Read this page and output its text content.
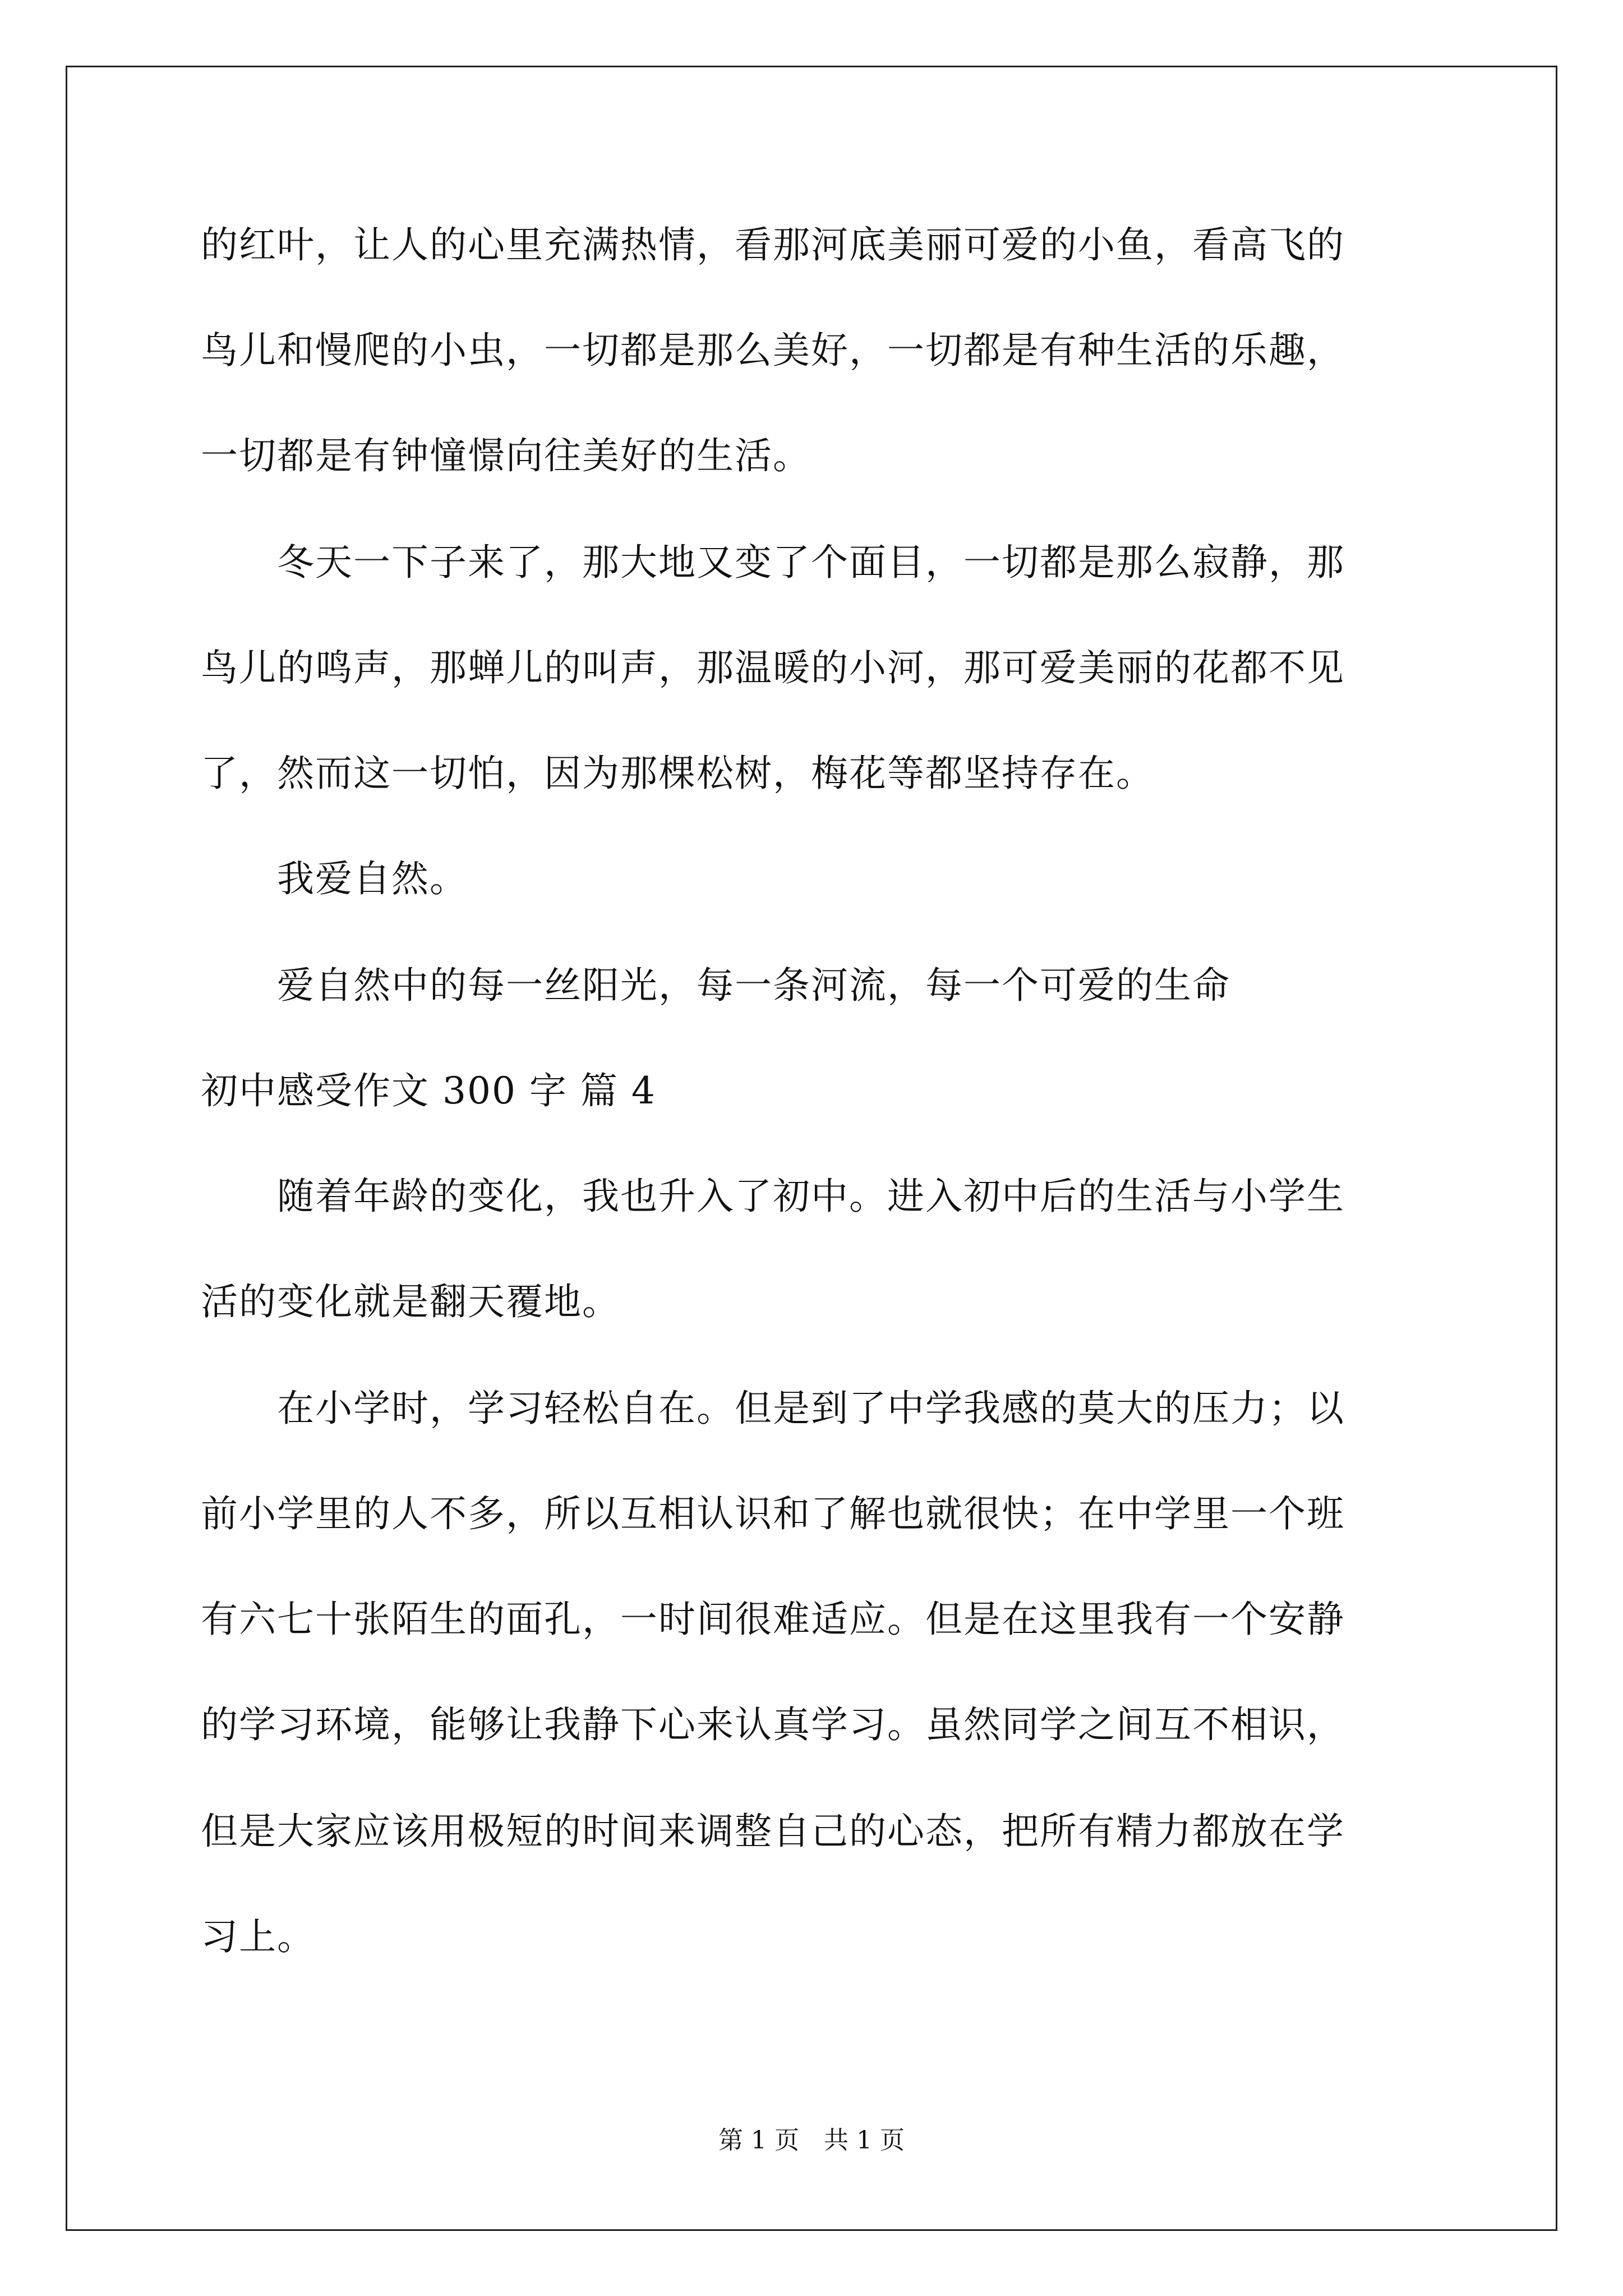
的红叶，让人的心里充满热情，看那河底美丽可爱的小鱼，看高飞的
鸟儿和慢爬的小虫，一切都是那么美好，一切都是有种生活的乐趣，
一切都是有钟憧憬向往美好的生活。
　　冬天一下子来了，那大地又变了个面目，一切都是那么寂静，那
鸟儿的鸣声，那蝉儿的叫声，那温暖的小河，那可爱美丽的花都不见
了，然而这一切怕，因为那棵松树，梅花等都坚持存在。
　　我爱自然。
　　爱自然中的每一丝阳光，每一条河流，每一个可爱的生命
初中感受作文 300 字 篇 4
　　随着年龄的变化，我也升入了初中。进入初中后的生活与小学生
活的变化就是翻天覆地。
　　在小学时，学习轻松自在。但是到了中学我感的莫大的压力；以
前小学里的人不多，所以互相认识和了解也就很快；在中学里一个班
有六七十张陌生的面孔，一时间很难适应。但是在这里我有一个安静
的学习环境，能够让我静下心来认真学习。虽然同学之间互不相识，
但是大家应该用极短的时间来调整自己的心态，把所有精力都放在学
习上。
第 1 页　共 1 页
